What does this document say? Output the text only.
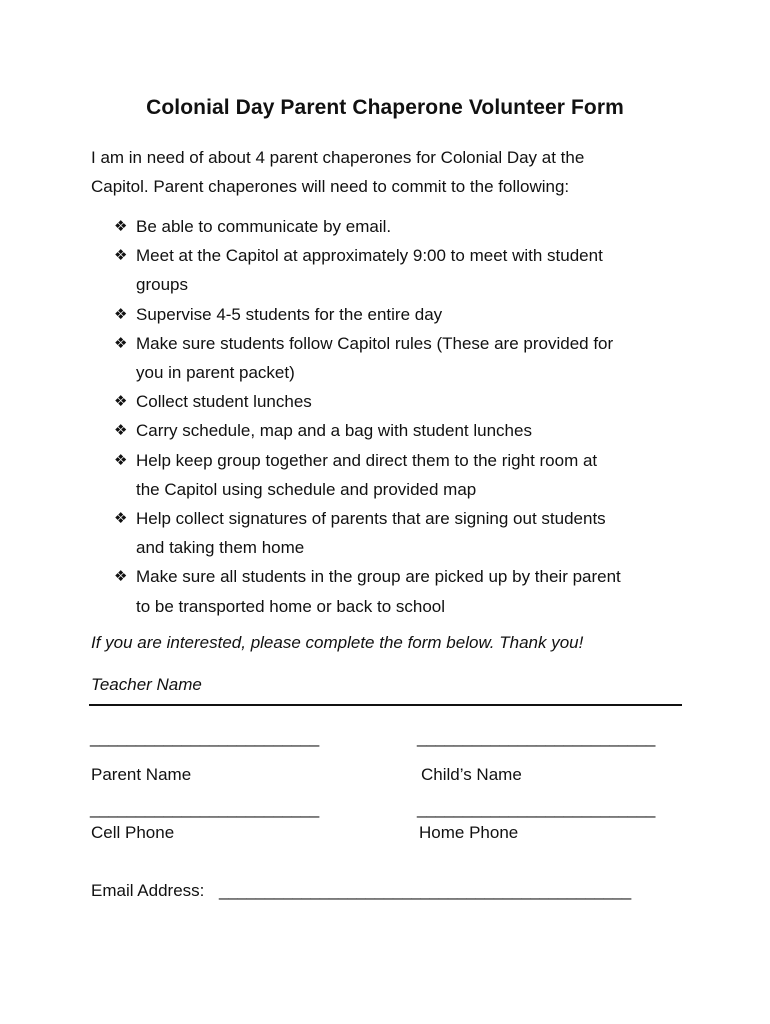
Colonial Day Parent Chaperone Volunteer Form
I am in need of about 4 parent chaperones for Colonial Day at the
Capitol. Parent chaperones will need to commit to the following:
❖ Be able to communicate by email.
❖ Meet at the Capitol at approximately 9:00 to meet with student
groups
❖ Supervise 4-5 students for the entire day
❖ Make sure students follow Capitol rules (These are provided for
you in parent packet)
❖ Collect student lunches
❖ Carry schedule, map and a bag with student lunches
❖ Help keep group together and direct them to the right room at
the Capitol using schedule and provided map
❖ Help collect signatures of parents that are signing out students
and taking them home
❖ Make sure all students in the group are picked up by their parent
to be transported home or back to school
If you are interested, please complete the form below. Thank you!
Teacher Name
_________________________	__________________________
Parent Name	Child’s Name
_________________________	__________________________
Cell Phone	Home Phone
Email Address: _____________________________________________
